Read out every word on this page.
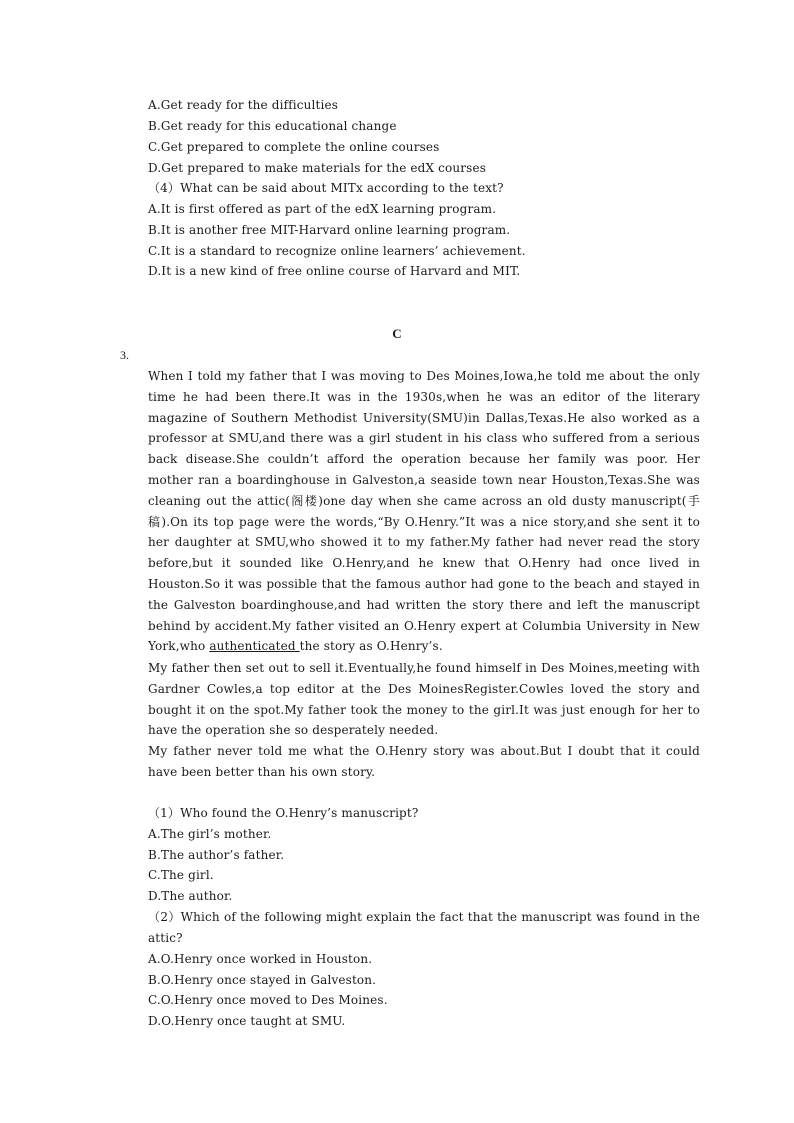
A.Get ready for the difficulties
B.Get ready for this educational change
C.Get prepared to complete the online courses
D.Get prepared to make materials for the edX courses
（4）What can be said about MITx according to the text?
A.It is first offered as part of the edX learning program.
B.It is another free MIT-Harvard online learning program.
C.It is a standard to recognize online learners’ achievement.
D.It is a new kind of free online course of Harvard and MIT.
C
3.
When I told my father that I was moving to Des Moines,Iowa,he told me about the only time he had been there.It was in the 1930s,when he was an editor of the literary magazine of Southern Methodist University(SMU)in Dallas,Texas.He also worked as a professor at SMU,and there was a girl student in his class who suffered from a serious back disease.She couldn’t afford the operation because her family was poor. Her mother ran a boardinghouse in Galveston,a seaside town near Houston,Texas.She was cleaning out the attic(阁楼)one day when she came across an old dusty manuscript(手稿).On its top page were the words,“By O.Henry.”It was a nice story,and she sent it to her daughter at SMU,who showed it to my father.My father had never read the story before,but it sounded like O.Henry,and he knew that O.Henry had once lived in Houston.So it was possible that the famous author had gone to the beach and stayed in the Galveston boardinghouse,and had written the story there and left the manuscript behind by accident.My father visited an O.Henry expert at Columbia University in New York,who authenticated the story as O.Henry’s.
My father then set out to sell it.Eventually,he found himself in Des Moines,meeting with Gardner Cowles,a top editor at the Des MoinesRegister.Cowles loved the story and bought it on the spot.My father took the money to the girl.It was just enough for her to have the operation she so desperately needed.
My father never told me what the O.Henry story was about.But I doubt that it could have been better than his own story.
（1）Who found the O.Henry’s manuscript?
A.The girl’s mother.
B.The author’s father.
C.The girl.
D.The author.
（2）Which of the following might explain the fact that the manuscript was found in the attic?
A.O.Henry once worked in Houston.
B.O.Henry once stayed in Galveston.
C.O.Henry once moved to Des Moines.
D.O.Henry once taught at SMU.
